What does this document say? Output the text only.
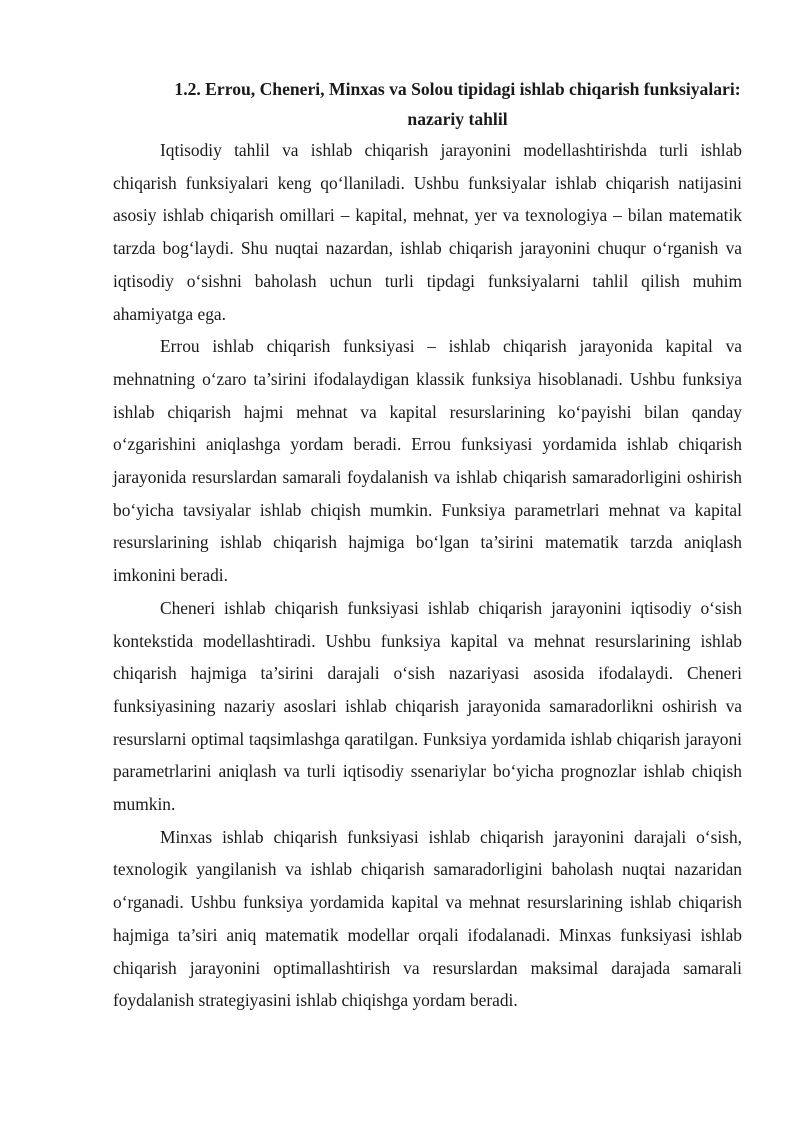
1.2. Errou, Cheneri, Minxas va Solou tipidagi ishlab chiqarish funksiyalari: nazariy tahlil

Iqtisodiy tahlil va ishlab chiqarish jarayonini modellashtirishda turli ishlab chiqarish funksiyalari keng qo‘llaniladi. Ushbu funksiyalar ishlab chiqarish natijasini asosiy ishlab chiqarish omillari – kapital, mehnat, yer va texnologiya – bilan matematik tarzda bog‘laydi. Shu nuqtai nazardan, ishlab chiqarish jarayonini chuqur o‘rganish va iqtisodiy o‘sishni baholash uchun turli tipdagi funksiyalarni tahlil qilish muhim ahamiyatga ega.

Errou ishlab chiqarish funksiyasi – ishlab chiqarish jarayonida kapital va mehnatning o‘zaro ta’sirini ifodalaydigan klassik funksiya hisoblanadi. Ushbu funksiya ishlab chiqarish hajmi mehnat va kapital resurslarining ko‘payishi bilan qanday o‘zgarishini aniqlashga yordam beradi. Errou funksiyasi yordamida ishlab chiqarish jarayonida resurslardan samarali foydalanish va ishlab chiqarish samaradorligini oshirish bo‘yicha tavsiyalar ishlab chiqish mumkin. Funksiya parametrlari mehnat va kapital resurslarining ishlab chiqarish hajmiga bo‘lgan ta’sirini matematik tarzda aniqlash imkonini beradi.

Cheneri ishlab chiqarish funksiyasi ishlab chiqarish jarayonini iqtisodiy o‘sish kontekstida modellashtiradi. Ushbu funksiya kapital va mehnat resurslarining ishlab chiqarish hajmiga ta’sirini darajali o‘sish nazariyasi asosida ifodalaydi. Cheneri funksiyasining nazariy asoslari ishlab chiqarish jarayonida samaradorlikni oshirish va resurslarni optimal taqsimlashga qaratilgan. Funksiya yordamida ishlab chiqarish jarayoni parametrlarini aniqlash va turli iqtisodiy ssenariylar bo‘yicha prognozlar ishlab chiqish mumkin.

Minxas ishlab chiqarish funksiyasi ishlab chiqarish jarayonini darajali o‘sish, texnologik yangilanish va ishlab chiqarish samaradorligini baholash nuqtai nazaridan o‘rganadi. Ushbu funksiya yordamida kapital va mehnat resurslarining ishlab chiqarish hajmiga ta’siri aniq matematik modellar orqali ifodalanadi. Minxas funksiyasi ishlab chiqarish jarayonini optimallashtirish va resurslardan maksimal darajada samarali foydalanish strategiyasini ishlab chiqishga yordam beradi.
